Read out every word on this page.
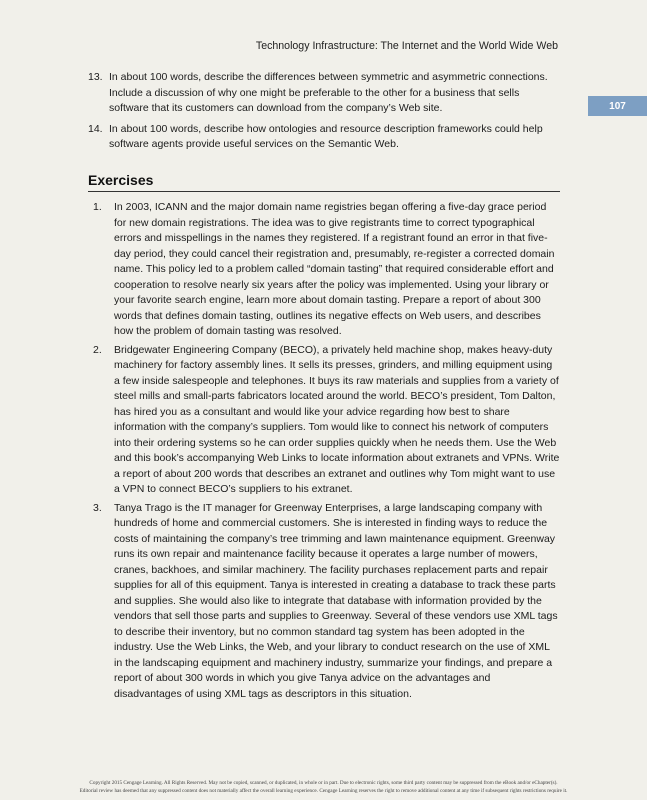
Technology Infrastructure: The Internet and the World Wide Web
107
13. In about 100 words, describe the differences between symmetric and asymmetric connections. Include a discussion of why one might be preferable to the other for a business that sells software that its customers can download from the company’s Web site.
14. In about 100 words, describe how ontologies and resource description frameworks could help software agents provide useful services on the Semantic Web.
Exercises
1. In 2003, ICANN and the major domain name registries began offering a five-day grace period for new domain registrations. The idea was to give registrants time to correct typographical errors and misspellings in the names they registered. If a registrant found an error in that five-day period, they could cancel their registration and, presumably, re-register a corrected domain name. This policy led to a problem called “domain tasting” that required considerable effort and cooperation to resolve nearly six years after the policy was implemented. Using your library or your favorite search engine, learn more about domain tasting. Prepare a report of about 300 words that defines domain tasting, outlines its negative effects on Web users, and describes how the problem of domain tasting was resolved.
2. Bridgewater Engineering Company (BECO), a privately held machine shop, makes heavy-duty machinery for factory assembly lines. It sells its presses, grinders, and milling equipment using a few inside salespeople and telephones. It buys its raw materials and supplies from a variety of steel mills and small-parts fabricators located around the world. BECO’s president, Tom Dalton, has hired you as a consultant and would like your advice regarding how best to share information with the company’s suppliers. Tom would like to connect his network of computers into their ordering systems so he can order supplies quickly when he needs them. Use the Web and this book’s accompanying Web Links to locate information about extranets and VPNs. Write a report of about 200 words that describes an extranet and outlines why Tom might want to use a VPN to connect BECO’s suppliers to his extranet.
3. Tanya Trago is the IT manager for Greenway Enterprises, a large landscaping company with hundreds of home and commercial customers. She is interested in finding ways to reduce the costs of maintaining the company’s tree trimming and lawn maintenance equipment. Greenway runs its own repair and maintenance facility because it operates a large number of mowers, cranes, backhoes, and similar machinery. The facility purchases replacement parts and repair supplies for all of this equipment. Tanya is interested in creating a database to track these parts and supplies. She would also like to integrate that database with information provided by the vendors that sell those parts and supplies to Greenway. Several of these vendors use XML tags to describe their inventory, but no common standard tag system has been adopted in the industry. Use the Web Links, the Web, and your library to conduct research on the use of XML in the landscaping equipment and machinery industry, summarize your findings, and prepare a report of about 300 words in which you give Tanya advice on the advantages and disadvantages of using XML tags as descriptors in this situation.
Copyright 2015 Cengage Learning. All Rights Reserved. May not be copied, scanned, or duplicated, in whole or in part. Due to electronic rights, some third party content may be suppressed from the eBook and/or eChapter(s).
Editorial review has deemed that any suppressed content does not materially affect the overall learning experience. Cengage Learning reserves the right to remove additional content at any time if subsequent rights restrictions require it.
